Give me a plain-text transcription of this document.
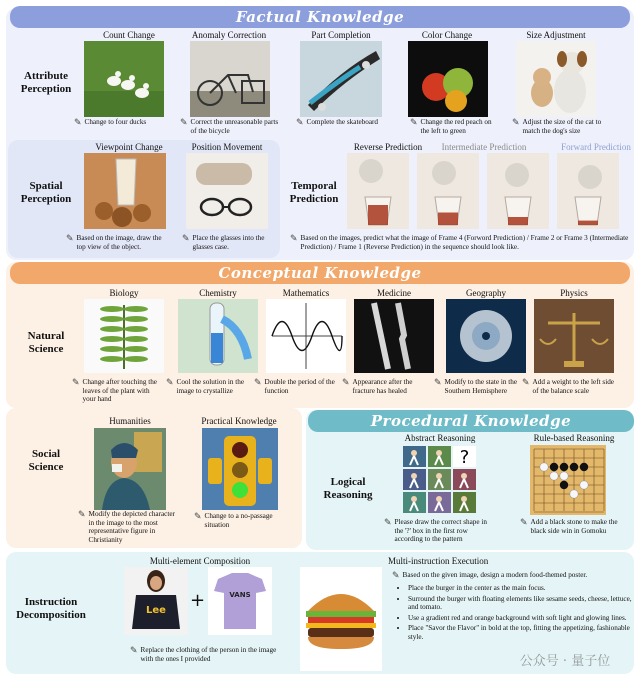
Factual Knowledge
Attribute Perception
Count Change
✎ Change to four ducks
Anomaly Correction
✎ Correct the unreasonable parts of the bicycle
Part Completion
✎ Complete the skateboard
Color Change
✎ Change the red peach on the left to green
Size Adjustment
✎ Adjust the size of the cat to match the dog's size
Spatial Perception
Viewpoint Change
✎ Based on the image, draw the top view of the object.
Position Movement
✎ Place the glasses into the glasses case.
Temporal Prediction
Reverse Prediction	Intermediate Prediction	Forward Prediction
✎ Based on the images, predict what the image of Frame 4 (Forword Prediction) / Frame 2 or Frame 3 (Intermediate Prediction) / Frame 1 (Reverse Prediction) in the sequence should look like.
Conceptual Knowledge
Natural Science
Biology
✎ Change after touching the leaves of the plant with your hand
Chemistry
✎ Cool the solution in the image to crystallize
Mathematics
✎ Double the period of the function
Medicine
✎ Appearance after the fracture has healed
Geography
✎ Modify to the state in the Southern Hemisphere
Physics
✎ Add a weight to the left side of the balance scale
Social Science
Humanities
✎ Modify the depicted character in the image to the most representative figure in Christianity
Practical Knowledge
✎ Change to a no-passage situation
Procedural Knowledge
Logical Reasoning
Abstract Reasoning
?
✎ Please draw the correct shape in the '?' box in the first row according to the pattern
Rule-based Reasoning
✎ Add a black stone to make the black side win in Gomoku
Instruction Decomposition
Multi-element Composition
Lee +	VANS
✎ Replace the clothing of the person in the image with the ones I provided
Multi-instruction Execution
✎ Based on the given image, design a modern food-themed poster.
• Place the burger in the center as the main focus.
• Surround the burger with floating elements like sesame seeds, cheese, lettuce, and tomato.
• Use a gradient red and orange background with soft light and glowing lines.
• Place "Savor the Flavor" in bold at the top, fitting the appetizing, fashionable style.
公众号 · 量子位
